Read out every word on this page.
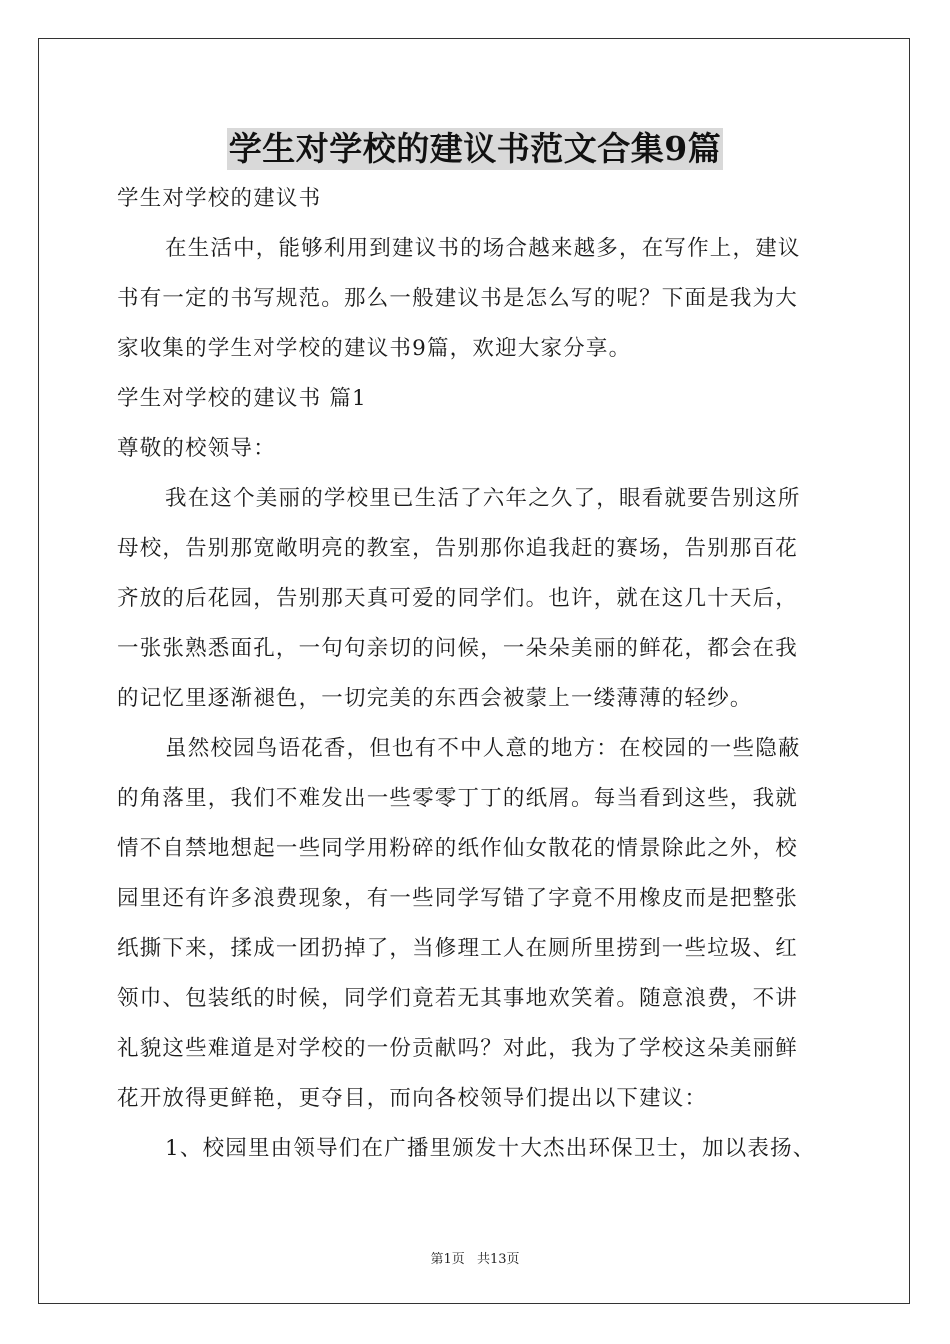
学生对学校的建议书范文合集9篇
学生对学校的建议书
在生活中，能够利用到建议书的场合越来越多，在写作上，建议
书有一定的书写规范。那么一般建议书是怎么写的呢？下面是我为大
家收集的学生对学校的建议书9篇，欢迎大家分享。
学生对学校的建议书 篇1
尊敬的校领导：
我在这个美丽的学校里已生活了六年之久了，眼看就要告别这所
母校，告别那宽敞明亮的教室，告别那你追我赶的赛场，告别那百花
齐放的后花园，告别那天真可爱的同学们。也许，就在这几十天后，
一张张熟悉面孔，一句句亲切的问候，一朵朵美丽的鲜花，都会在我
的记忆里逐渐褪色，一切完美的东西会被蒙上一缕薄薄的轻纱。
虽然校园鸟语花香，但也有不中人意的地方：在校园的一些隐蔽
的角落里，我们不难发出一些零零丁丁的纸屑。每当看到这些，我就
情不自禁地想起一些同学用粉碎的纸作仙女散花的情景除此之外，校
园里还有许多浪费现象，有一些同学写错了字竟不用橡皮而是把整张
纸撕下来，揉成一团扔掉了，当修理工人在厕所里捞到一些垃圾、红
领巾、包装纸的时候，同学们竟若无其事地欢笑着。随意浪费，不讲
礼貌这些难道是对学校的一份贡献吗？对此，我为了学校这朵美丽鲜
花开放得更鲜艳，更夺目，而向各校领导们提出以下建议：
1、校园里由领导们在广播里颁发十大杰出环保卫士，加以表扬、
第1页 共13页
